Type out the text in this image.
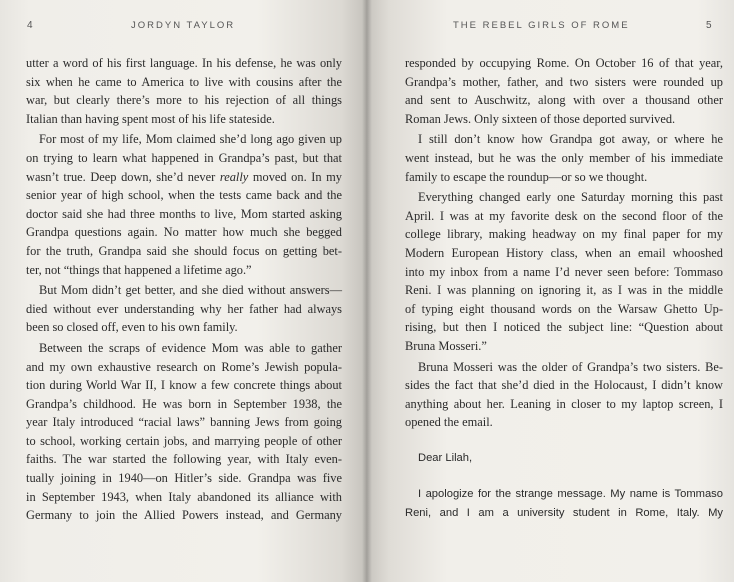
4	JORDYN TAYLOR

utter a word of his first language. In his defense, he was only

six when he came to America to live with cousins after the

war, but clearly there’s more to his rejection of all things

Italian than having spent most of his life stateside.

For most of my life, Mom claimed she’d long ago given up

on trying to learn what happened in Grandpa’s past, but that

wasn’t true. Deep down, she’d never really moved on. In my

senior year of high school, when the tests came back and the

doctor said she had three months to live, Mom started asking

Grandpa questions again. No matter how much she begged

for the truth, Grandpa said she should focus on getting bet-

ter, not “things that happened a lifetime ago.”

But Mom didn’t get better, and she died without answers—

died without ever understanding why her father had always

been so closed off, even to his own family.

Between the scraps of evidence Mom was able to gather

and my own exhaustive research on Rome’s Jewish popula-

tion during World War II, I know a few concrete things about

Grandpa’s childhood. He was born in September 1938, the

year Italy introduced “racial laws” banning Jews from going

to school, working certain jobs, and marrying people of other

faiths. The war started the following year, with Italy even-

tually joining in 1940—on Hitler’s side. Grandpa was five

in September 1943, when Italy abandoned its alliance with

Germany to join the Allied Powers instead, and Germany

THE REBEL GIRLS OF ROME	5

responded by occupying Rome. On October 16 of that year,

Grandpa’s mother, father, and two sisters were rounded up

and sent to Auschwitz, along with over a thousand other

Roman Jews. Only sixteen of those deported survived.

I still don’t know how Grandpa got away, or where he

went instead, but he was the only member of his immediate

family to escape the roundup—or so we thought.

Everything changed early one Saturday morning this past

April. I was at my favorite desk on the second floor of the

college library, making headway on my final paper for my

Modern European History class, when an email whooshed

into my inbox from a name I’d never seen before: Tommaso

Reni. I was planning on ignoring it, as I was in the middle

of typing eight thousand words on the Warsaw Ghetto Up-

rising, but then I noticed the subject line: “Question about

Bruna Mosseri.”

Bruna Mosseri was the older of Grandpa’s two sisters. Be-

sides the fact that she’d died in the Holocaust, I didn’t know

anything about her. Leaning in closer to my laptop screen, I

opened the email.

Dear Lilah,

I apologize for the strange message. My name is Tommaso

Reni, and I am a university student in Rome, Italy. My
